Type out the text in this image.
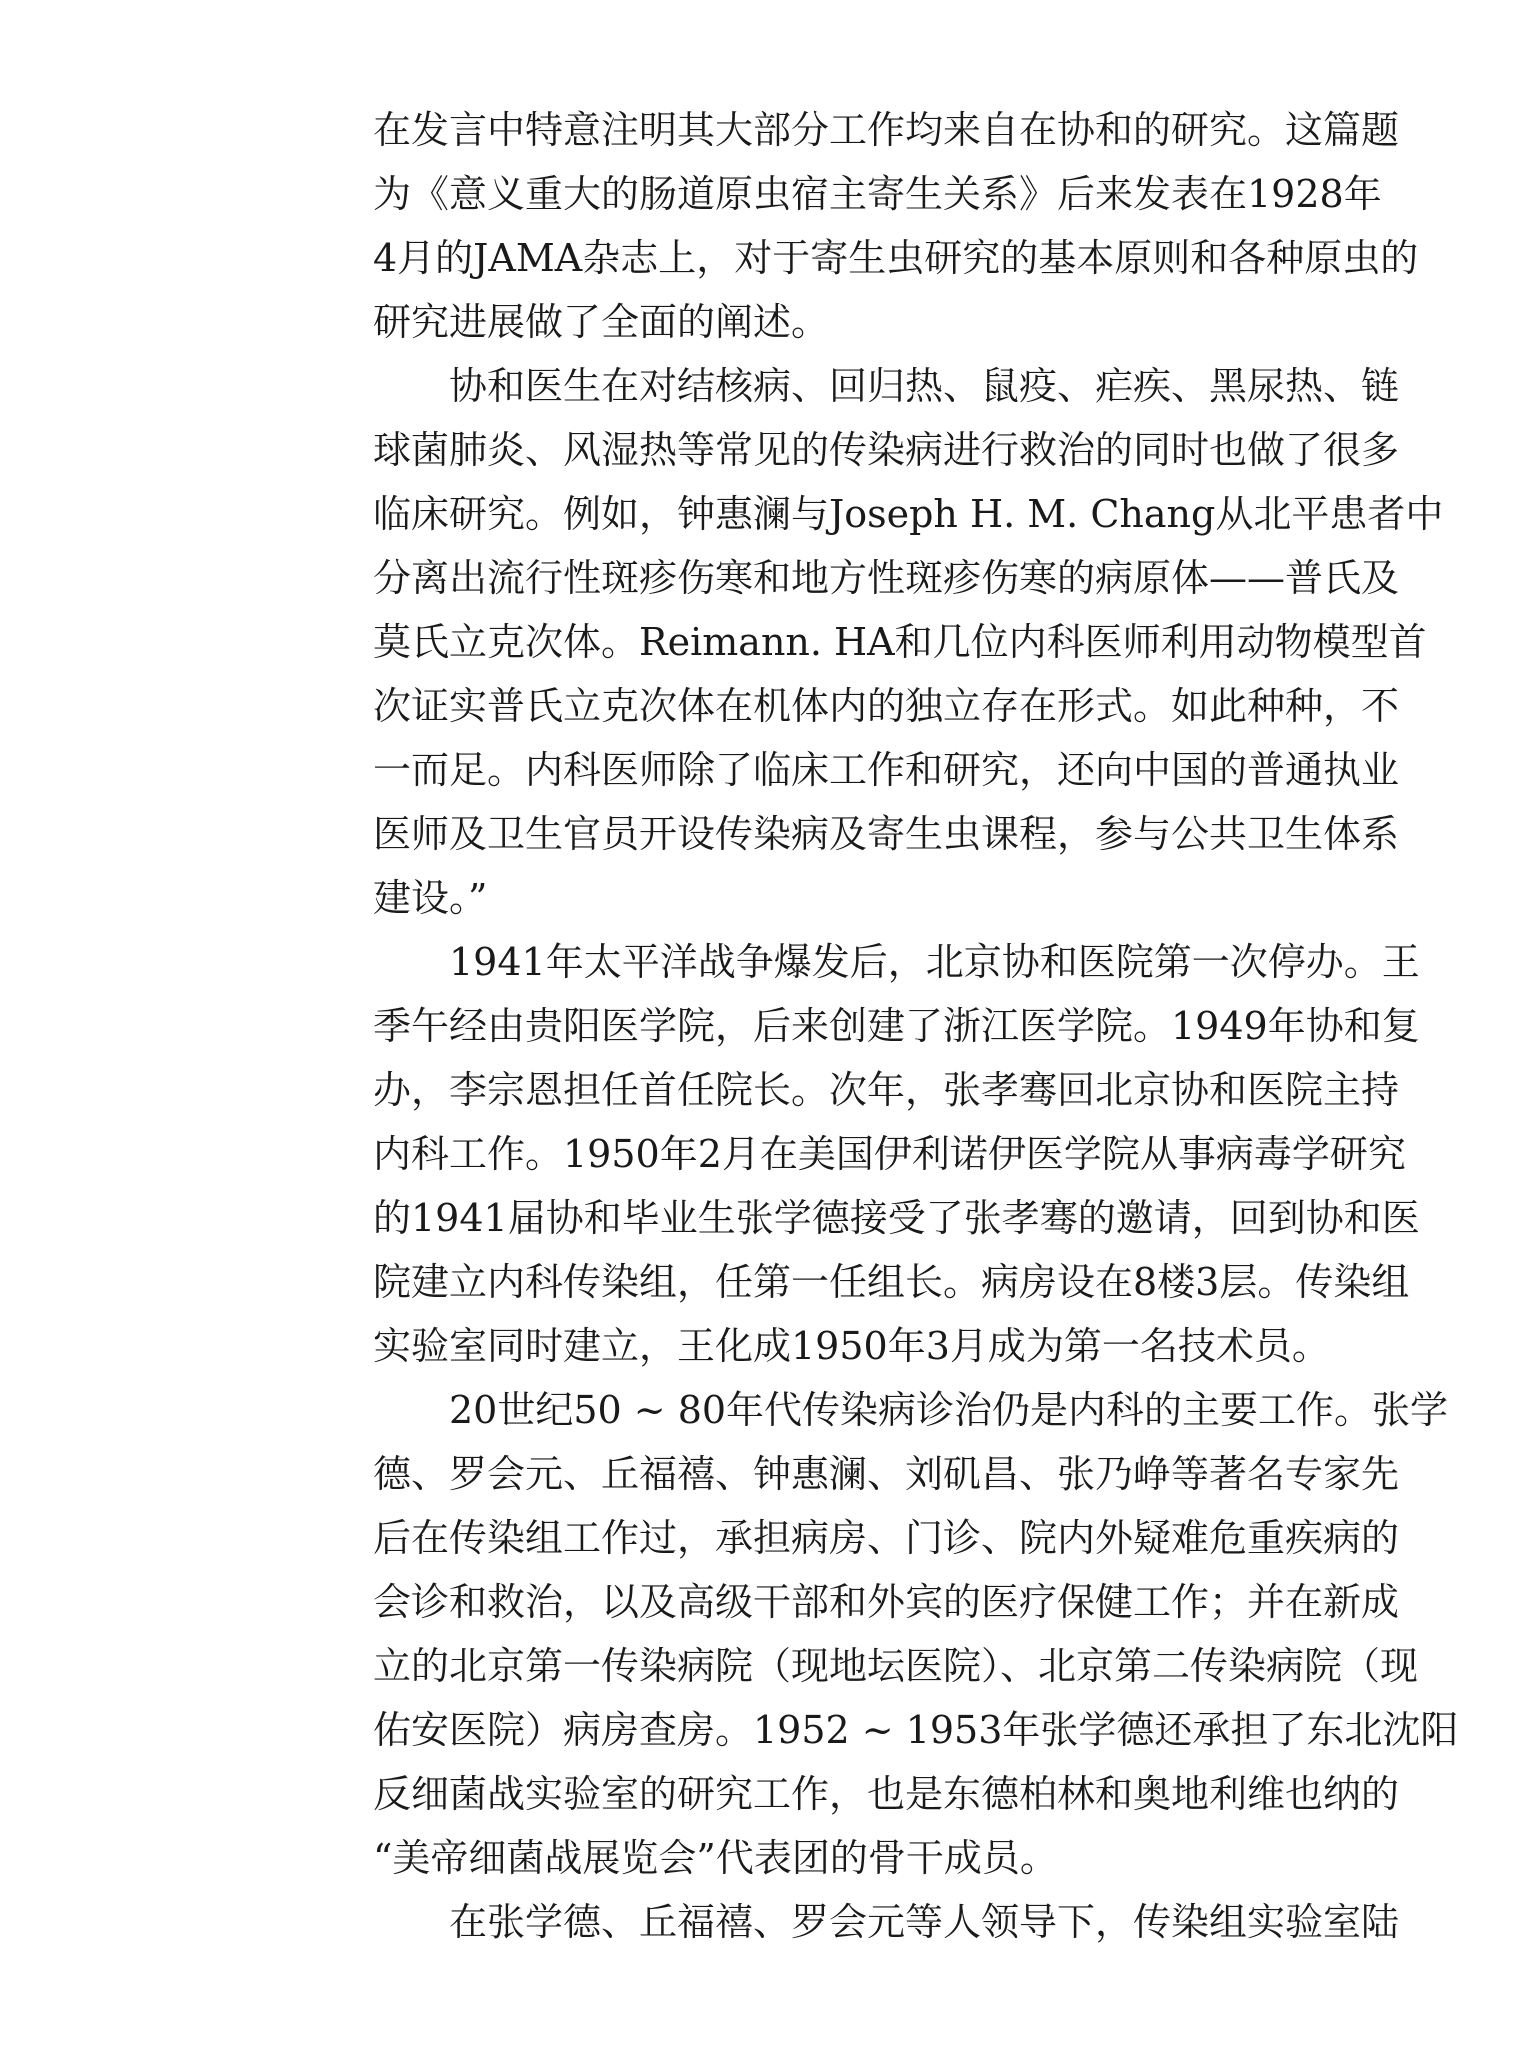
在发言中特意注明其大部分工作均来自在协和的研究。这篇题
为《意义重大的肠道原虫宿主寄生关系》后来发表在1928年
4月的JAMA杂志上，对于寄生虫研究的基本原则和各种原虫的
研究进展做了全面的阐述。
协和医生在对结核病、回归热、鼠疫、疟疾、黑尿热、链
球菌肺炎、风湿热等常见的传染病进行救治的同时也做了很多
临床研究。例如，钟惠澜与Joseph H. M. Chang从北平患者中
分离出流行性斑疹伤寒和地方性斑疹伤寒的病原体——普氏及
莫氏立克次体。Reimann. HA和几位内科医师利用动物模型首
次证实普氏立克次体在机体内的独立存在形式。如此种种，不
一而足。内科医师除了临床工作和研究，还向中国的普通执业
医师及卫生官员开设传染病及寄生虫课程，参与公共卫生体系
建设。”
1941年太平洋战争爆发后，北京协和医院第一次停办。王
季午经由贵阳医学院，后来创建了浙江医学院。1949年协和复
办，李宗恩担任首任院长。次年，张孝骞回北京协和医院主持
内科工作。1950年2月在美国伊利诺伊医学院从事病毒学研究
的1941届协和毕业生张学德接受了张孝骞的邀请，回到协和医
院建立内科传染组，任第一任组长。病房设在8楼3层。传染组
实验室同时建立，王化成1950年3月成为第一名技术员。
20世纪50 ~ 80年代传染病诊治仍是内科的主要工作。张学
德、罗会元、丘福禧、钟惠澜、刘矶昌、张乃峥等著名专家先
后在传染组工作过，承担病房、门诊、院内外疑难危重疾病的
会诊和救治，以及高级干部和外宾的医疗保健工作；并在新成
立的北京第一传染病院（现地坛医院）、北京第二传染病院（现
佑安医院）病房查房。1952 ~ 1953年张学德还承担了东北沈阳
反细菌战实验室的研究工作，也是东德柏林和奥地利维也纳的
“美帝细菌战展览会”代表团的骨干成员。
在张学德、丘福禧、罗会元等人领导下，传染组实验室陆
